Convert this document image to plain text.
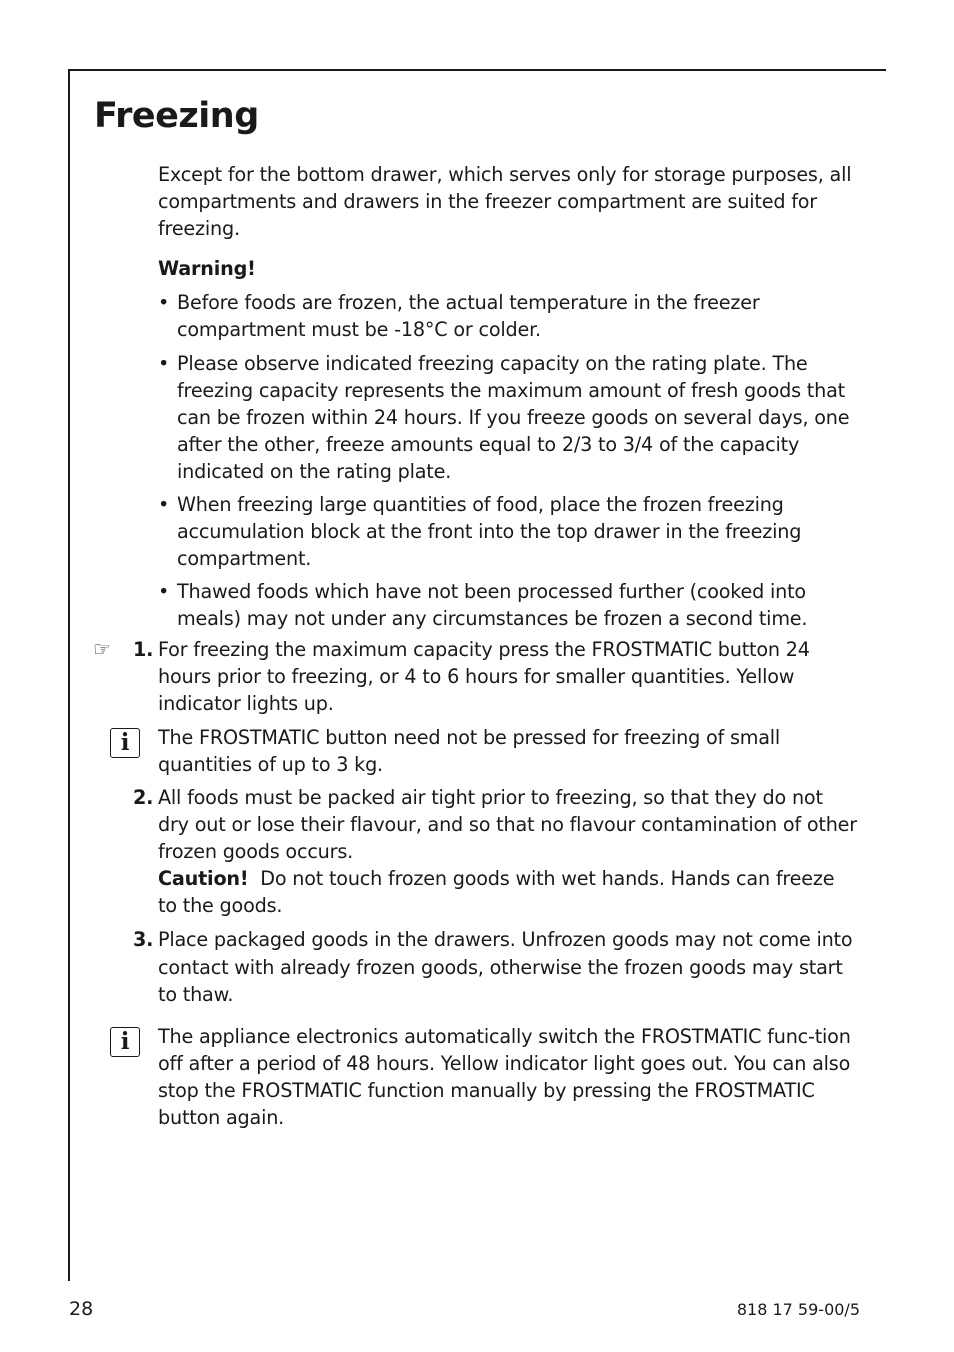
Freezing

Except for the bottom drawer, which serves only for storage purposes, all compartments and drawers in the freezer compartment are suited for freezing.

Warning!

• Before foods are frozen, the actual temperature in the freezer compartment must be -18°C or colder.
• Please observe indicated freezing capacity on the rating plate. The freezing capacity represents the maximum amount of fresh goods that can be frozen within 24 hours. If you freeze goods on several days, one after the other, freeze amounts equal to 2/3 to 3/4 of the capacity indicated on the rating plate.
• When freezing large quantities of food, place the frozen freezing accumulation block at the front into the top drawer in the freezing compartment.
• Thawed foods which have not been processed further (cooked into meals) may not under any circumstances be frozen a second time.
☞ 1. For freezing the maximum capacity press the FROSTMATIC button 24 hours prior to freezing, or 4 to 6 hours for smaller quantities. Yellow indicator lights up.

i	The FROSTMATIC button need not be pressed for freezing of small quantities of up to 3 kg.

2. All foods must be packed air tight prior to freezing, so that they do not dry out or lose their flavour, and so that no flavour contamination of other frozen goods occurs.
Caution! Do not touch frozen goods with wet hands. Hands can freeze to the goods.

3. Place packaged goods in the drawers. Unfrozen goods may not come into contact with already frozen goods, otherwise the frozen goods may start to thaw.

i	The appliance electronics automatically switch the FROSTMATIC func-tion off after a period of 48 hours. Yellow indicator light goes out. You can also stop the FROSTMATIC function manually by pressing the FROSTMATIC button again.

28	818 17 59-00/5
